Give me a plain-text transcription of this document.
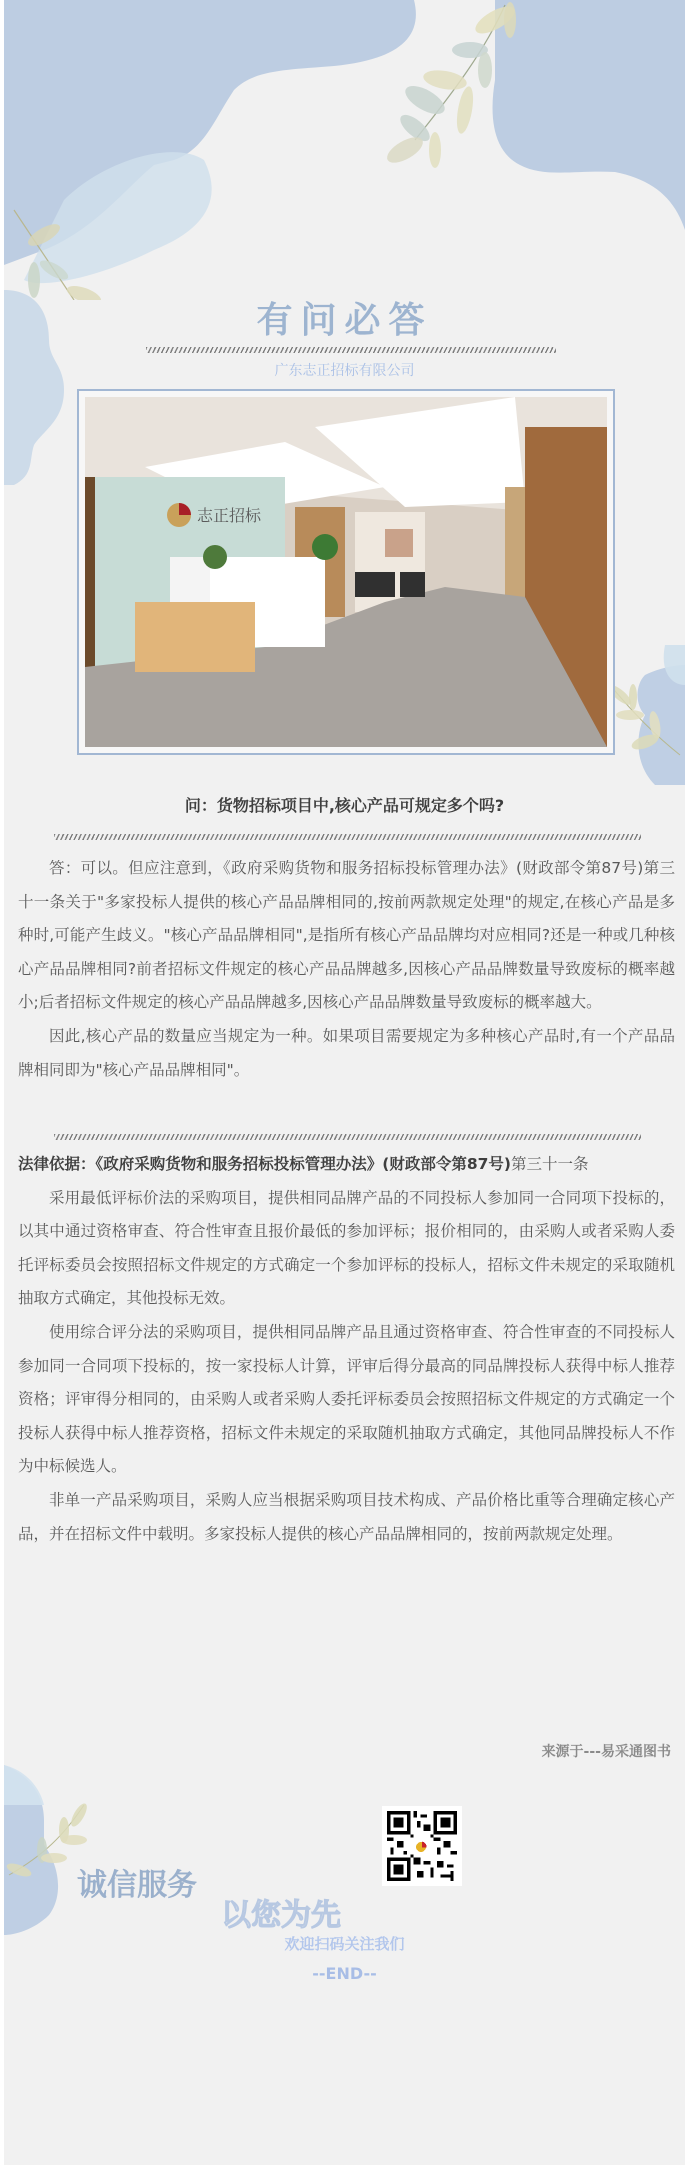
有问必答
广东志正招标有限公司
志正招标
问：货物招标项目中,核心产品可规定多个吗?

答：可以。但应注意到，《政府采购货物和服务招标投标管理办法》(财政部令第87号)第三十一条关于"多家投标人提供的核心产品品牌相同的,按前两款规定处理"的规定,在核心产品是多种时,可能产生歧义。"核心产品品牌相同",是指所有核心产品品牌均对应相同?还是一种或几种核心产品品牌相同?前者招标文件规定的核心产品品牌越多,因核心产品品牌数量导致废标的概率越小;后者招标文件规定的核心产品品牌越多,因核心产品品牌数量导致废标的概率越大。

因此,核心产品的数量应当规定为一种。如果项目需要规定为多种核心产品时,有一个产品品牌相同即为"核心产品品牌相同"。

法律依据：《政府采购货物和服务招标投标管理办法》(财政部令第87号)第三十一条

采用最低评标价法的采购项目，提供相同品牌产品的不同投标人参加同一合同项下投标的，以其中通过资格审查、符合性审查且报价最低的参加评标；报价相同的，由采购人或者采购人委托评标委员会按照招标文件规定的方式确定一个参加评标的投标人，招标文件未规定的采取随机抽取方式确定，其他投标无效。

使用综合评分法的采购项目，提供相同品牌产品且通过资格审查、符合性审查的不同投标人参加同一合同项下投标的，按一家投标人计算，评审后得分最高的同品牌投标人获得中标人推荐资格；评审得分相同的，由采购人或者采购人委托评标委员会按照招标文件规定的方式确定一个投标人获得中标人推荐资格，招标文件未规定的采取随机抽取方式确定，其他同品牌投标人不作为中标候选人。

非单一产品采购项目，采购人应当根据采购项目技术构成、产品价格比重等合理确定核心产品，并在招标文件中载明。多家投标人提供的核心产品品牌相同的，按前两款规定处理。

来源于---易采通图书
诚信服务
以您为先
欢迎扫码关注我们
--END--
